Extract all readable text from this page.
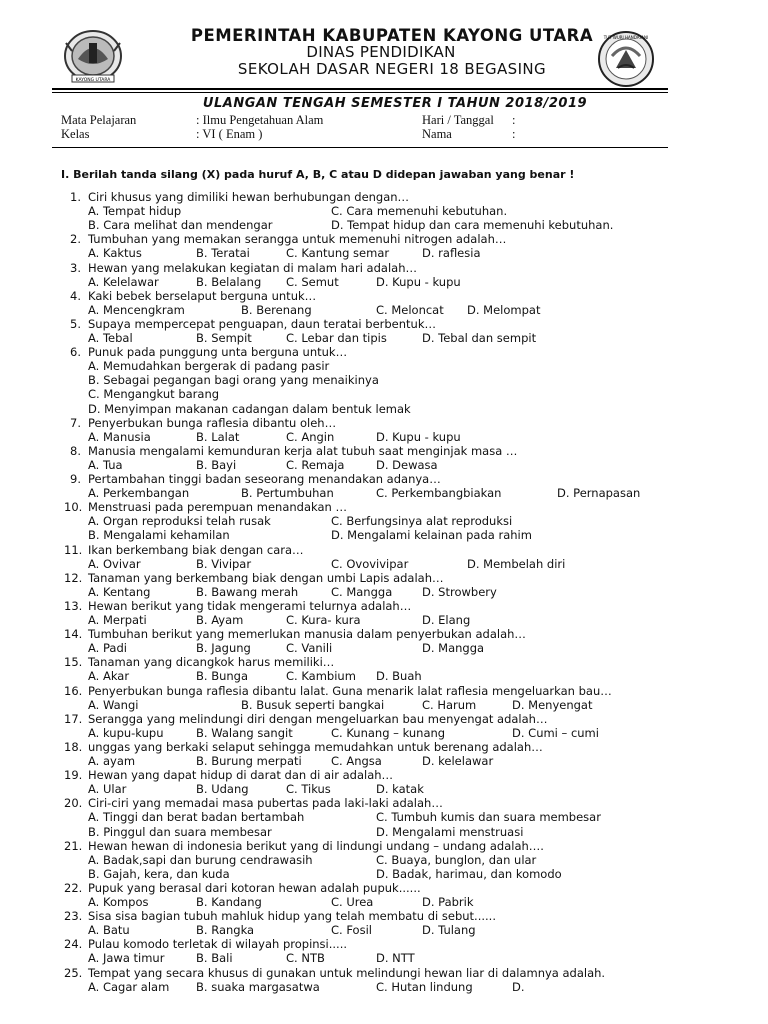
KAYONG UTARA
TUT WURI HANDAYANI
PEMERINTAH KABUPATEN KAYONG UTARA
DINAS PENDIDIKAN
SEKOLAH DASAR NEGERI 18 BEGASING
ULANGAN TENGAH SEMESTER I TAHUN 2018/2019
Mata Pelajaran	: Ilmu Pengetahuan Alam
Kelas	: VI ( Enam )
Hari / Tanggal :
Nama	:
I. Berilah tanda silang (X) pada huruf A, B, C atau D didepan jawaban yang benar !
1. Ciri khusus yang dimiliki hewan berhubungan dengan…
A. Tempat hidup	C. Cara memenuhi kebutuhan.
B. Cara melihat dan mendengar	D. Tempat hidup dan cara memenuhi kebutuhan.
2. Tumbuhan yang memakan serangga untuk memenuhi nitrogen adalah…
A. Kaktus	B. Teratai	C. Kantung semar	D. raflesia
3. Hewan yang melakukan kegiatan di malam hari adalah…
A. Kelelawar	B. Belalang C. Semut	D. Kupu - kupu
4. Kaki bebek berselaput berguna untuk…
A. Mencengkram	B. Berenang	C. Meloncat D. Melompat
5. Supaya mempercepat penguapan, daun teratai berbentuk…
A. Tebal	B. Sempit	C. Lebar dan tipis	D. Tebal dan sempit
6. Punuk pada punggung unta berguna untuk…
A. Memudahkan bergerak di padang pasir
B. Sebagai pegangan bagi orang yang menaikinya
C. Mengangkut barang
D. Menyimpan makanan cadangan dalam bentuk lemak
7. Penyerbukan bunga raflesia dibantu oleh…
A. Manusia	B. Lalat	C. Angin	D. Kupu - kupu
8. Manusia mengalami kemunduran kerja alat tubuh saat menginjak masa …
A. Tua	B. Bayi	C. Remaja	D. Dewasa
9. Pertambahan tinggi badan seseorang menandakan adanya…
A. Perkembangan	B. Pertumbuhan	C. Perkembangbiakan	D. Pernapasan
10. Menstruasi pada perempuan menandakan …
A. Organ reproduksi telah rusak	C. Berfungsinya alat reproduksi
B. Mengalami kehamilan	D. Mengalami kelainan pada rahim
11. Ikan berkembang biak dengan cara…
A. Ovivar	B. Vivipar	C. Ovovivipar	D. Membelah diri
12. Tanaman yang berkembang biak dengan umbi Lapis adalah…
A. Kentang	B. Bawang merah	C. Mangga	D. Strowbery
13. Hewan berikut yang tidak mengerami telurnya adalah…
A. Merpati	B. Ayam	C. Kura- kura	D. Elang
14. Tumbuhan berikut yang memerlukan manusia dalam penyerbukan adalah…
A. Padi	B. Jagung	C. Vanili	D. Mangga
15. Tanaman yang dicangkok harus memiliki…
A. Akar	B. Bunga	C. Kambium D. Buah
16. Penyerbukan bunga raflesia dibantu lalat. Guna menarik lalat raflesia mengeluarkan bau…
A. Wangi	B. Busuk seperti bangkai	C. Harum	D. Menyengat
17. Serangga yang melindungi diri dengan mengeluarkan bau menyengat adalah…
A. kupu-kupu	B. Walang sangit	C. Kunang – kunang	D. Cumi – cumi
18. unggas yang berkaki selaput sehingga memudahkan untuk berenang adalah…
A. ayam	B. Burung merpati	C. Angsa	D. kelelawar
19. Hewan yang dapat hidup di darat dan di air adalah…
A. Ular	B. Udang	C. Tikus	D. katak
20. Ciri-ciri yang memadai masa pubertas pada laki-laki adalah…
A. Tinggi dan berat badan bertambah	C. Tumbuh kumis dan suara membesar
B. Pinggul dan suara membesar	D. Mengalami menstruasi
21. Hewan hewan di indonesia berikut yang di lindungi undang – undang adalah….
A. Badak,sapi dan burung cendrawasih	C. Buaya, bunglon, dan ular
B. Gajah, kera, dan kuda	D. Badak, harimau, dan komodo
22. Pupuk yang berasal dari kotoran hewan adalah pupuk......
A. Kompos	B. Kandang	C. Urea	D. Pabrik
23. Sisa sisa bagian tubuh mahluk hidup yang telah membatu di sebut......
A. Batu	B. Rangka	C. Fosil	D. Tulang
24. Pulau komodo terletak di wilayah propinsi.....
A. Jawa timur	B. Bali	C. NTB	D. NTT
25. Tempat yang secara khusus di gunakan untuk melindungi hewan liar di dalamnya adalah.
A. Cagar alam B. suaka margasatwa	C. Hutan lindung	D.
